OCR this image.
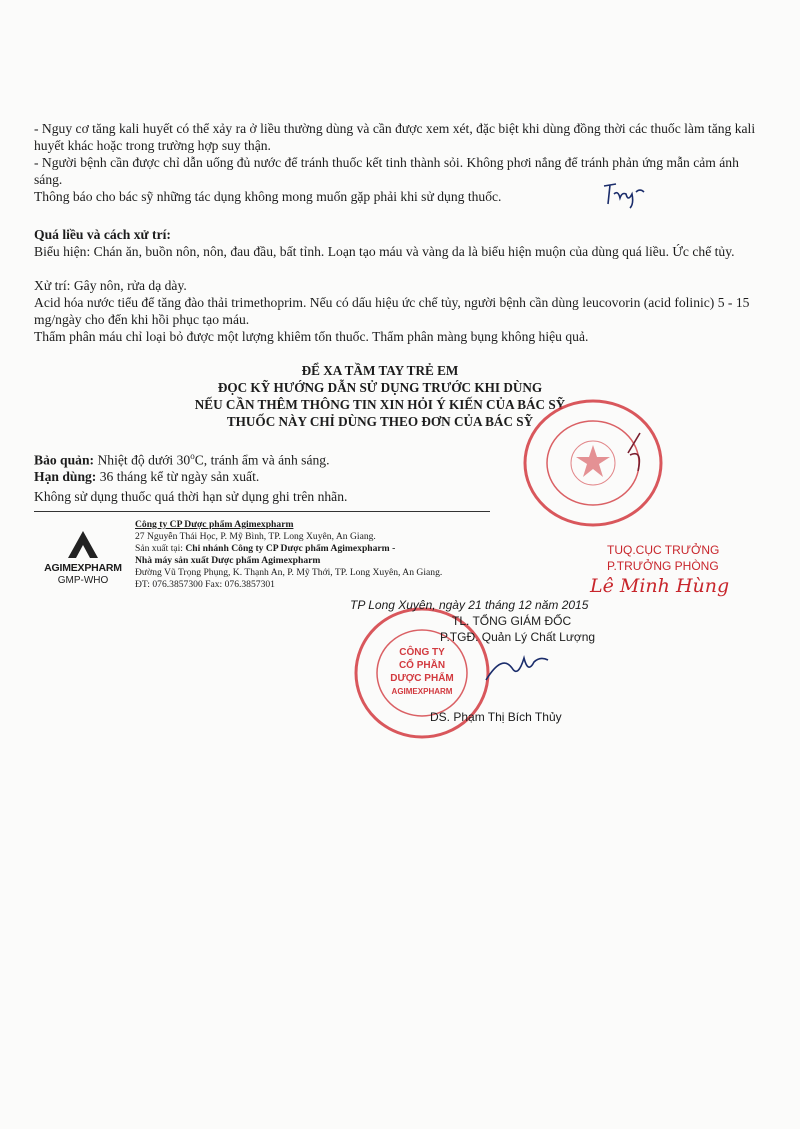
- Nguy cơ tăng kali huyết có thể xảy ra ở liều thường dùng và cần được xem xét, đặc biệt khi dùng đồng thời các thuốc làm tăng kali huyết khác hoặc trong trường hợp suy thận.

- Người bệnh cần được chỉ dẫn uống đủ nước để tránh thuốc kết tinh thành sỏi. Không phơi nắng để tránh phản ứng mẫn cảm ánh sáng.

Thông báo cho bác sỹ những tác dụng không mong muốn gặp phải khi sử dụng thuốc.

Quá liều và cách xử trí:

Biểu hiện: Chán ăn, buồn nôn, nôn, đau đầu, bất tỉnh. Loạn tạo máu và vàng da là biểu hiện muộn của dùng quá liều. Ức chế tủy.

Xử trí: Gây nôn, rửa dạ dày.

Acid hóa nước tiểu để tăng đào thải trimethoprim. Nếu có dấu hiệu ức chế tủy, người bệnh cần dùng leucovorin (acid folinic) 5 - 15 mg/ngày cho đến khi hồi phục tạo máu.

Thẩm phân máu chỉ loại bỏ được một lượng khiêm tốn thuốc. Thẩm phân màng bụng không hiệu quả.

ĐỂ XA TẦM TAY TRẺ EM
ĐỌC KỸ HƯỚNG DẪN SỬ DỤNG TRƯỚC KHI DÙNG
NẾU CẦN THÊM THÔNG TIN XIN HỎI Ý KIẾN CỦA BÁC SỸ
THUỐC NÀY CHỈ DÙNG THEO ĐƠN CỦA BÁC SỸ

Bảo quản: Nhiệt độ dưới 30$^o$C, tránh ẩm và ánh sáng.

Hạn dùng: 36 tháng kể từ ngày sản xuất.

Không sử dụng thuốc quá thời hạn sử dụng ghi trên nhãn.

AGIMEXPHARM
GMP-WHO
Công ty CP Dược phẩm Agimexpharm
27 Nguyễn Thái Học, P. Mỹ Bình, TP. Long Xuyên, An Giang.
Sản xuất tại: Chi nhánh Công ty CP Dược phẩm Agimexpharm -
Nhà máy sản xuất Dược phẩm Agimexpharm
Đường Vũ Trọng Phụng, K. Thạnh An, P. Mỹ Thới, TP. Long Xuyên, An Giang.
ĐT: 076.3857300 Fax: 076.3857301
TUQ.CỤC TRƯỞNG
P.TRƯỞNG PHÒNG
Lê Minh Hùng
CÔNG TY
CỔ PHẦN
DƯỢC PHẨM
AGIMEXPHARM
TP Long Xuyên, ngày 21 tháng 12 năm 2015
TL. TỔNG GIÁM ĐỐC
P.TGĐ. Quản Lý Chất Lượng
DS. Phạm Thị Bích Thủy
